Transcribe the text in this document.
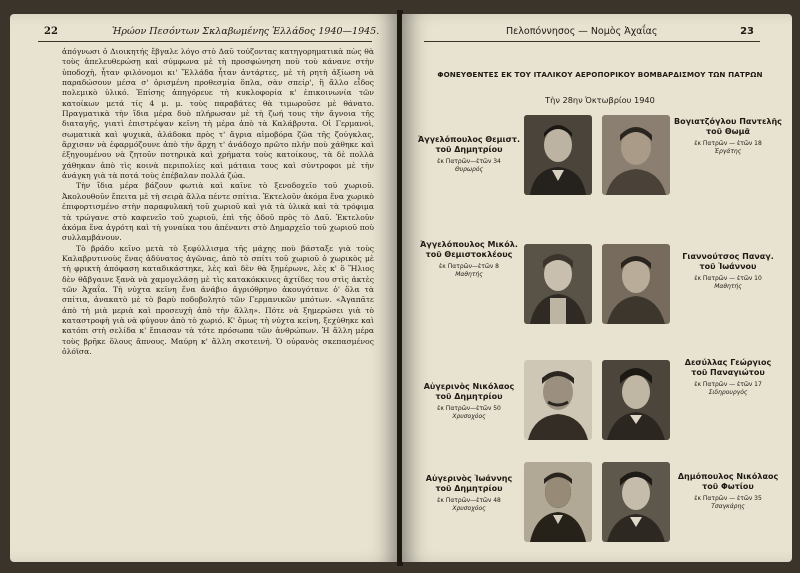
22	Ἡρώον Πεσόντων Σκλαβωμένης Ἑλλάδος 1940—1945.

ἀπόγνωσι ὁ Διοικητής ἔβγαλε λόγο στὸ Δαῦ τούζοντας κατηγορηματικὰ πὼς θὰ τοὺς ἀπελευθερώσῃ καὶ σύμφωνα μὲ τὴ προσφώνηση ποὺ τοὺ κάνανε στὴν ὑποδοχὴ, ἦταν φιλόνομοι κι' Ἕλλάδα ἦταν ἀντάρτες, μὲ τὴ ρητὴ ἀξίωση νὰ παραδώσουν μέσα σ' ὀρισμένη προθεσμία ὅπλα, σὰν σπείρ', ἢ ἄλλο εἶδος πολεμικὸ ὑλικό. Ἐπίσης ἀπηγόρευε τὴ κυκλοφορία κ' ἐπικοινωνία τῶν κατοίκων μετά τίς 4 μ. μ. τοὺς παραβάτες θὰ τιμωροῦσε μὲ θάνατο. Πραγματικὰ τὴν ἴδια μέρα δυὸ πλήρωσαν μὲ τὴ ζωή τους τὴν ἄγνοια τῆς διαταγῆς, γιατὶ ἐπιστρέψαν κεῖνη τὴ μέρα ἀπὸ τὰ Καλάβρυτα. Οἱ Γερμανοὶ, σωματικὰ καὶ ψυχικὰ, ἀλάδοκα πρὸς τ' ἄγρια αἱμοβόρα ζῶα τῆς ζούγκλας, ἄρχισαν νὰ ἐφαρμόζουνε ἀπὸ τὴν ἄρχη τ' ἀνάδοχο πρῶτο πλήν ποὺ χάθηκε καὶ ἐξηγουμένου νὰ ζητοῦν ποτηρικὰ καὶ χρήματα τοὺς κατοίκους, τὰ δὲ πολλὰ χάθηκαν ἀπὸ τὶς κοινὰ περιπολίες καὶ μάταια τους καὶ σύντροφοι μὲ τὴν ἀνάγκη γιὰ τὰ ποτά τοὺς ἐπέβαλαν πολλά ζώα.

Τὴν ἴδια μέρα βάζουν φωτιὰ καὶ καῖνε τὸ ξενοδοχεῖο τοῦ χωριοῦ. Ἀκολουθοῦν ἔπειτα μὲ τὴ σειρὰ ἄλλα πέντε σπίτια. Ἐκτελοῦν ἀκόμα ἕνα χωρικὸ ἐπιφορτισμένο στὴν παραφυλακή τοῦ χωριοῦ καὶ γιὰ τὰ ὑλικὰ καὶ τὰ τρόφιμα τὰ τρώγανε στὸ καφενεῖο τοῦ χωριοῦ, ἐπὶ τῆς ὁδοῦ πρὸς τὸ Δαῦ. Ἐκτελοῦν ἀκόμα ἕνα ἀγρότη καὶ τὴ γυναίκα του ἀπέναντι στὸ Δημαρχεῖο τοῦ χωριοῦ ποὺ συλλαμβάνουν.

Τὸ βράδυ κεῖνο μετὰ τὸ ξεφύλλισμα τῆς μάχης ποὺ βάσταξε γιὰ τοὺς Καλαβρυτινοὺς ἕνας ἀδύνατος ἀγῶνας, ἀπὸ τὸ σπίτι τοῦ χωριοῦ ὁ χωρικὸς μὲ τὴ φρικτὴ ἀπόφαση καταδικάστηκε, λὲς καὶ δὲν θὰ ξημέρωνε, λὲς κ' ὅ Ἥλιος δὲν θἄβγαινε ξανὰ νὰ χαμογελάσῃ μὲ τὶς κατακόκκινες ἀχτίδες του στὶς ἀκτὲς τῶν Ἀχαΐα. Τὴ νύχτα κεῖνη ἕνα ἀνάβιο ἀγριόθρηνο ἀκουγότανε ὁ' ὅλα τὰ σπίτια, ἀνακατὸ μὲ τὸ βαρὺ ποδοβολητὸ τῶν Γερμανικῶν μπότων. «Ἀγαπᾶτε ἀπὸ τὴ μιὰ μεριὰ καὶ προσευχὴ ἀπὸ τὴν ἄλλη». Πότε νὰ ξημερώσει γιὰ τὸ καταστροφὴ γιὰ νὰ φύγουν ἀπὸ τὸ χωριό. Κ' ὅμως τὴ νύχτα κείνη, ξεχύθηκε καὶ κατόπι στὴ σελίδα κ' ἔπιασαν τὰ τότε πρόσωπα τῶν ἀνθρώπων. Ἡ ἄλλη μέρα τοὺς βρῆκε ὅλους ἄπνους. Μαύρη κ' ἄλλη σκοτεινή. Ὁ οὐρανὸς σκεπασμένος ὁλόϊσα.

Πελοπόννησος — Νομὸς Ἀχαΐας	23
ΦΟΝΕΥΘΕΝΤΕΣ ΕΚ ΤΟΥ ΙΤΑΛΙΚΟΥ ΑΕΡΟΠΟΡΙΚΟΥ ΒΟΜΒΑΡΔΙΣΜΟΥ ΤΩΝ ΠΑΤΡΩΝ
Τὴν 28ην Ὀκτωβρίου 1940
Ἀγγελόπουλος Θεμιστ.
τοῦ Δημητρίου
ἐκ Πατρῶν—ἐτῶν 34
Θυρωρός
Βογιατζόγλου Παντελῆς
τοῦ Θωμᾶ
ἐκ Πατρῶν — ἐτῶν 18
Ἐργάτης
Ἀγγελόπουλος Μικόλ.
τοῦ Θεμιστοκλέους
ἐκ Πατρῶν—ἐτῶν 8
Μαθητής
Γιαννούτσος Παναγ.
τοῦ Ἰωάννου
ἐκ Πατρῶν — ἐτῶν 10
Μαθητής
Αὐγερινὸς Νικόλαος
τοῦ Δημητρίου
ἐκ Πατρῶν—ἐτῶν 50
Χρυσοχόος
Δεσύλλας Γεώργιος
τοῦ Παναγιώτου
ἐκ Πατρῶν — ἐτῶν 17
Σιδηρουργός
Αὐγερινὸς Ἰωάννης
τοῦ Δημητρίου
ἐκ Πατρῶν—ἐτῶν 48
Χρυσοχόος
Δημόπουλος Νικόλαος
τοῦ Φωτίου
ἐκ Πατρῶν — ἐτῶν 35
Τσαγκάρης
